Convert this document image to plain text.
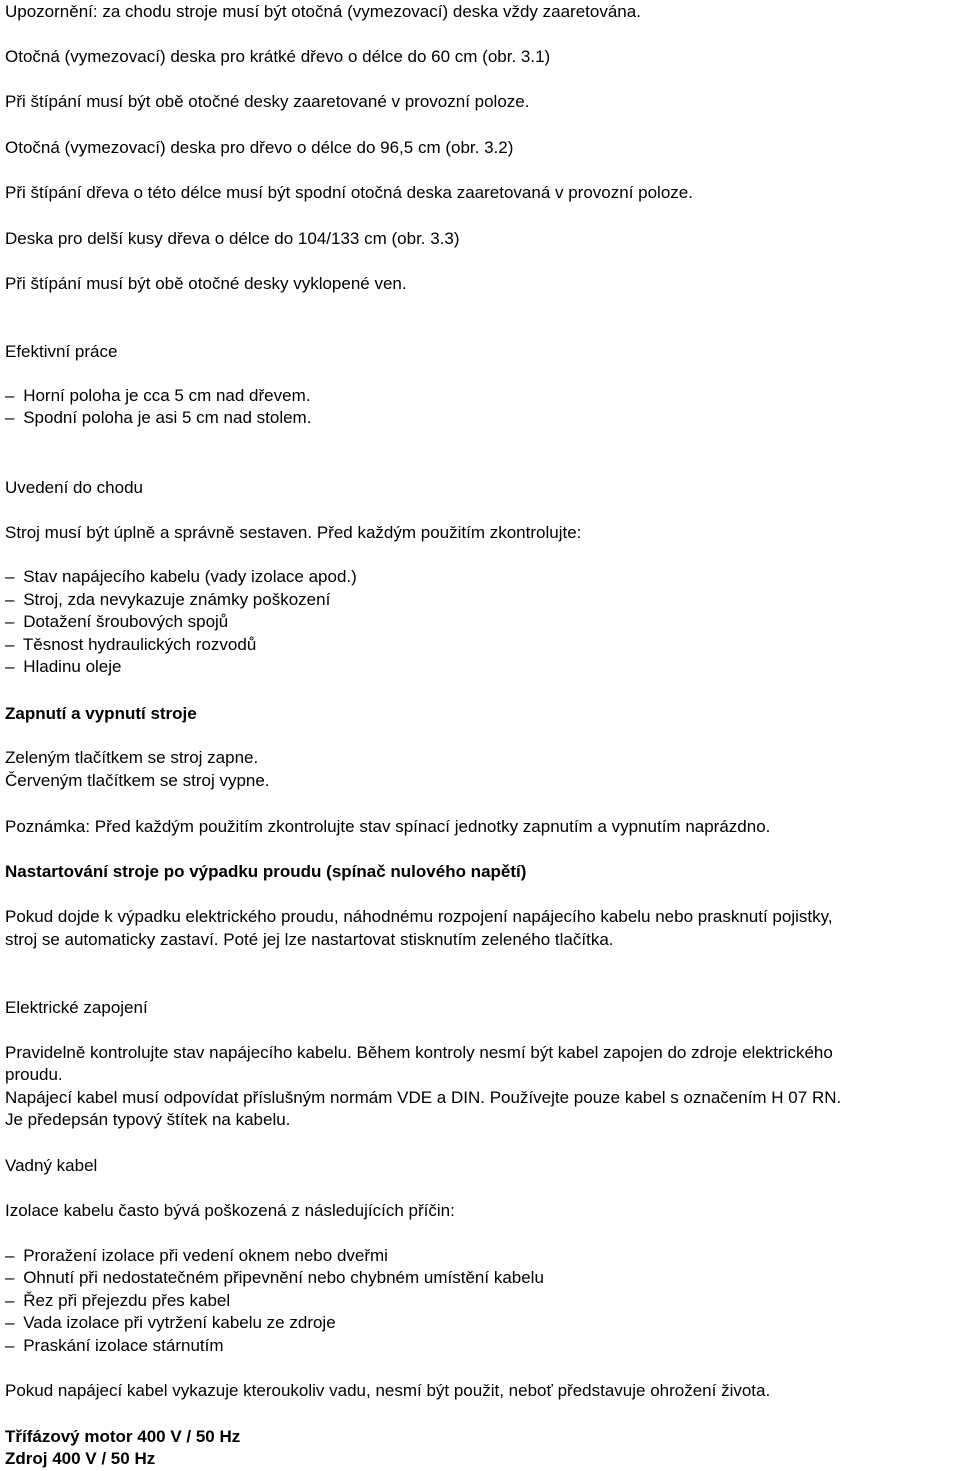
Upozornění: za chodu stroje musí být otočná (vymezovací) deska vždy zaaretována.
Otočná (vymezovací) deska pro krátké dřevo o délce do 60 cm (obr. 3.1)
Při štípání musí být obě otočné desky zaaretované v provozní poloze.
Otočná (vymezovací) deska pro dřevo o délce do 96,5 cm (obr. 3.2)
Při štípání dřeva o této délce musí být spodní otočná deska zaaretovaná v provozní poloze.
Deska pro delší kusy dřeva o délce do 104/133 cm (obr. 3.3)
Při štípání musí být obě otočné desky vyklopené ven.
Efektivní práce
– Horní poloha je cca 5 cm nad dřevem.
– Spodní poloha je asi 5 cm nad stolem.
Uvedení do chodu
Stroj musí být úplně a správně sestaven. Před každým použitím zkontrolujte:
– Stav napájecího kabelu (vady izolace apod.)
– Stroj, zda nevykazuje známky poškození
– Dotažení šroubových spojů
– Těsnost hydraulických rozvodů
– Hladinu oleje
Zapnutí a vypnutí stroje
Zeleným tlačítkem se stroj zapne.
Červeným tlačítkem se stroj vypne.
Poznámka: Před každým použitím zkontrolujte stav spínací jednotky zapnutím a vypnutím naprázdno.
Nastartování stroje po výpadku proudu (spínač nulového napětí)
Pokud dojde k výpadku elektrického proudu, náhodnému rozpojení napájecího kabelu nebo prasknutí pojistky,
stroj se automaticky zastaví. Poté jej lze nastartovat stisknutím zeleného tlačítka.
Elektrické zapojení
Pravidelně kontrolujte stav napájecího kabelu. Během kontroly nesmí být kabel zapojen do zdroje elektrického
proudu.
Napájecí kabel musí odpovídat příslušným normám VDE a DIN. Používejte pouze kabel s označením H 07 RN.
Je předepsán typový štítek na kabelu.
Vadný kabel
Izolace kabelu často bývá poškozená z následujících příčin:
– Proražení izolace při vedení oknem nebo dveřmi
– Ohnutí při nedostatečném připevnění nebo chybném umístění kabelu
– Řez při přejezdu přes kabel
– Vada izolace při vytržení kabelu ze zdroje
– Praskání izolace stárnutím
Pokud napájecí kabel vykazuje kteroukoliv vadu, nesmí být použit, neboť představuje ohrožení života.
Třífázový motor 400 V / 50 Hz
Zdroj 400 V / 50 Hz
